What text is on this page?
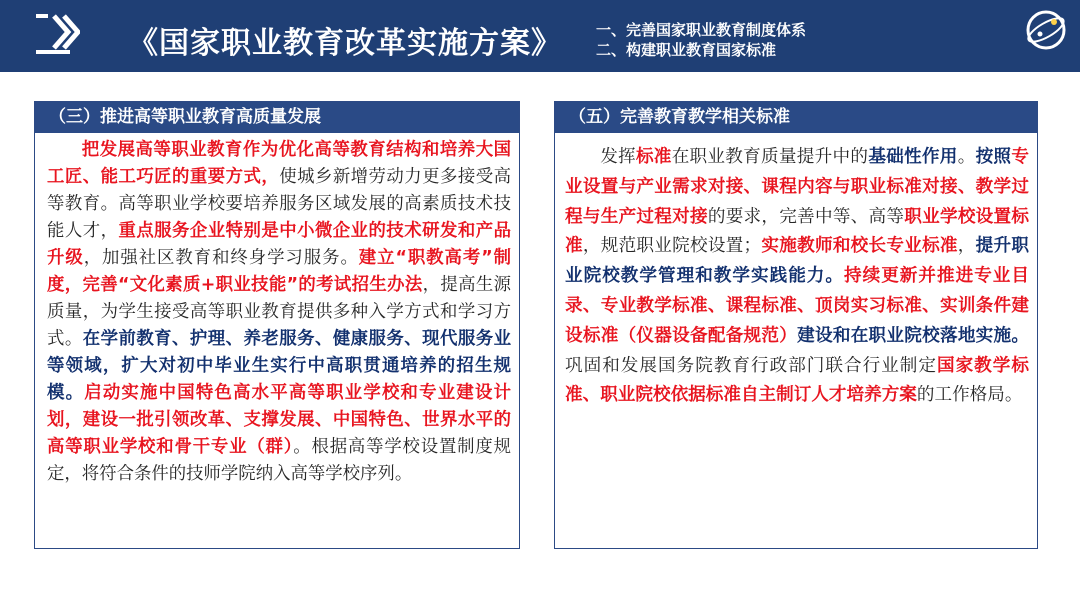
《国家职业教育改革实施方案》 一、完善国家职业教育制度体系
二、构建职业教育国家标准
（三）推进高等职业教育高质量发展

把发展高等职业教育作为优化高等教育结构和培养大国工匠、能工巧匠的重要方式，使城乡新增劳动力更多接受高等教育。高等职业学校要培养服务区域发展的高素质技术技能人才，重点服务企业特别是中小微企业的技术研发和产品升级，加强社区教育和终身学习服务。建立“职教高考”制度，完善“文化素质+职业技能”的考试招生办法，提高生源质量，为学生接受高等职业教育提供多种入学方式和学习方式。在学前教育、护理、养老服务、健康服务、现代服务业等领域，扩大对初中毕业生实行中高职贯通培养的招生规模。启动实施中国特色高水平高等职业学校和专业建设计划，建设一批引领改革、支撑发展、中国特色、世界水平的高等职业学校和骨干专业（群）。根据高等学校设置制度规定，将符合条件的技师学院纳入高等学校序列。

（五）完善教育教学相关标准

发挥标准在职业教育质量提升中的基础性作用。按照专业设置与产业需求对接、课程内容与职业标准对接、教学过程与生产过程对接的要求，完善中等、高等职业学校设置标准，规范职业院校设置；实施教师和校长专业标准，提升职业院校教学管理和教学实践能力。持续更新并推进专业目录、专业教学标准、课程标准、顶岗实习标准、实训条件建设标准（仪器设备配备规范）建设和在职业院校落地实施。巩固和发展国务院教育行政部门联合行业制定国家教学标准、职业院校依据标准自主制订人才培养方案的工作格局。
